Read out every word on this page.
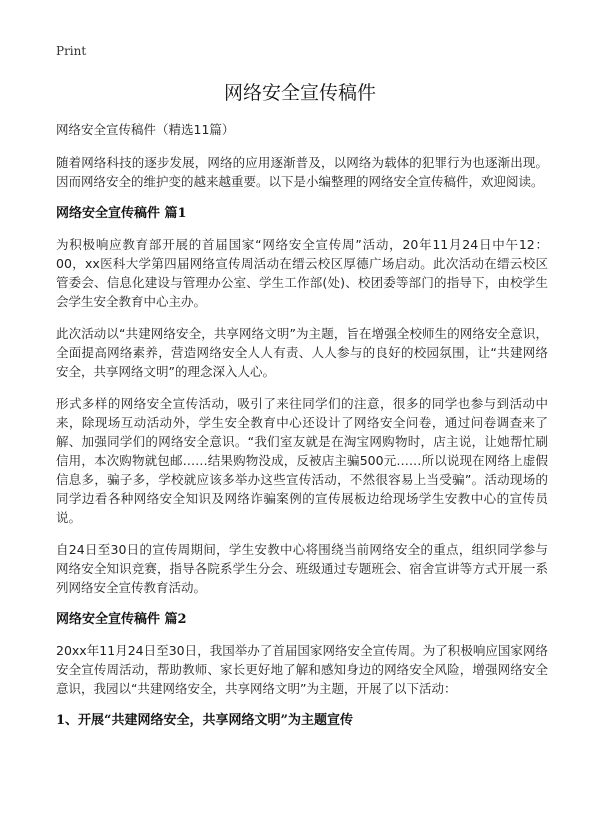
Print
网络安全宣传稿件

网络安全宣传稿件（精选11篇）

随着网络科技的逐步发展，网络的应用逐渐普及，以网络为载体的犯罪行为也逐渐出现。因而网络安全的维护变的越来越重要。以下是小编整理的网络安全宣传稿件，欢迎阅读。

网络安全宣传稿件 篇1

为积极响应教育部开展的首届国家“网络安全宣传周”活动，20年11月24日中午12：00，xx医科大学第四届网络宣传周活动在缙云校区厚德广场启动。此次活动在缙云校区管委会、信息化建设与管理办公室、学生工作部(处)、校团委等部门的指导下，由校学生会学生安全教育中心主办。

此次活动以“共建网络安全，共享网络文明”为主题，旨在增强全校师生的网络安全意识，全面提高网络素养，营造网络安全人人有责、人人参与的良好的校园氛围，让“共建网络安全，共享网络文明”的理念深入人心。

形式多样的网络安全宣传活动，吸引了来往同学们的注意，很多的同学也参与到活动中来，除现场互动活动外，学生安全教育中心还设计了网络安全问卷，通过问卷调查来了解、加强同学们的网络安全意识。“我们室友就是在淘宝网购物时，店主说，让她帮忙刷信用，本次购物就包邮……结果购物没成，反被店主骗500元……所以说现在网络上虚假信息多，骗子多，学校就应该多举办这些宣传活动，不然很容易上当受骗”。活动现场的同学边看各种网络安全知识及网络诈骗案例的宣传展板边给现场学生安教中心的宣传员说。

自24日至30日的宣传周期间，学生安教中心将围绕当前网络安全的重点，组织同学参与网络安全知识竞赛，指导各院系学生分会、班级通过专题班会、宿舍宣讲等方式开展一系列网络安全宣传教育活动。

网络安全宣传稿件 篇2

20xx年11月24日至30日，我国举办了首届国家网络安全宣传周。为了积极响应国家网络安全宣传周活动，帮助教师、家长更好地了解和感知身边的网络安全风险，增强网络安全意识，我园以“共建网络安全，共享网络文明”为主题，开展了以下活动：

1、开展“共建网络安全，共享网络文明”为主题宣传
